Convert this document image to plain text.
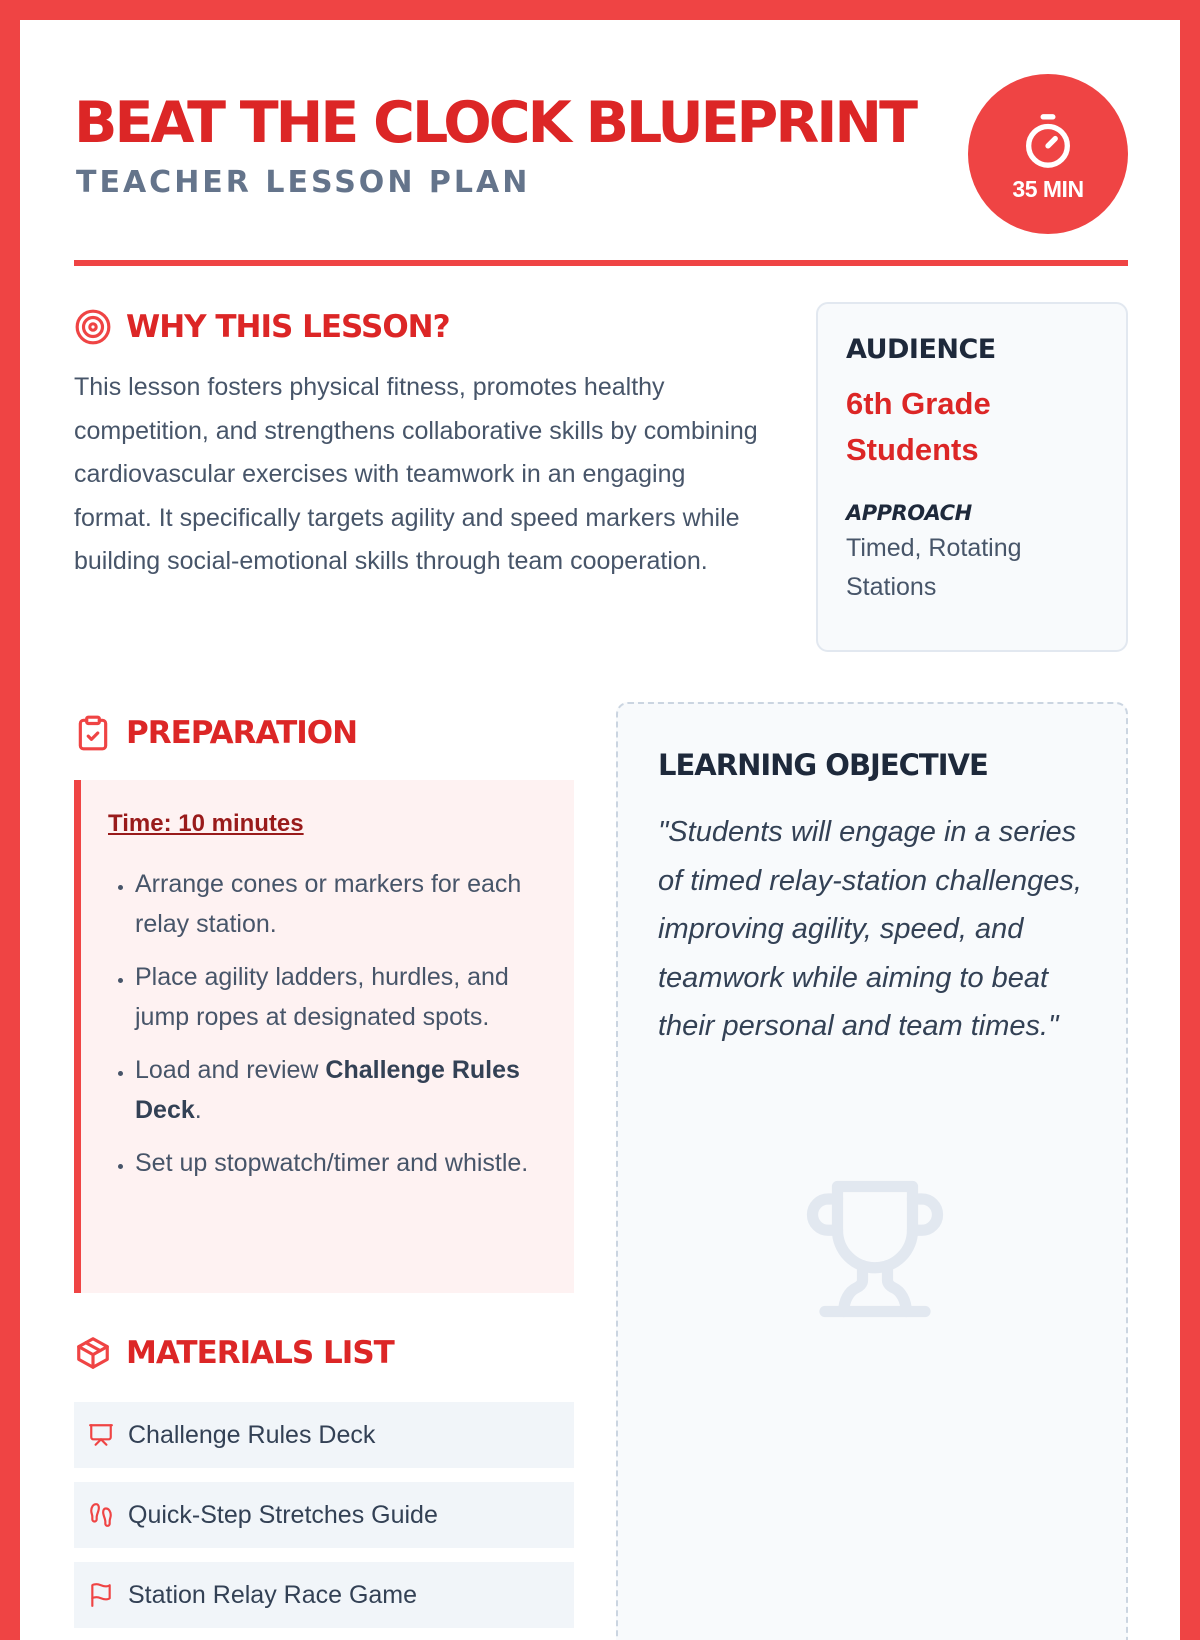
BEAT THE CLOCK BLUEPRINT
TEACHER LESSON PLAN	35 MIN
WHY THIS LESSON?

This lesson fosters physical fitness, promotes healthy competition, and strengthens collaborative skills by combining cardiovascular exercises with teamwork in an engaging format. It specifically targets agility and speed markers while building social-emotional skills through team cooperation.

AUDIENCE
6th Grade Students
APPROACH
Timed, Rotating Stations
PREPARATION
Time: 10 minutes
• Arrange cones or markers for each relay station.
• Place agility ladders, hurdles, and jump ropes at designated spots.
• Load and review Challenge Rules Deck.
• Set up stopwatch/timer and whistle.
MATERIALS LIST
Challenge Rules Deck
Quick-Step Stretches Guide
Station Relay Race Game
LEARNING OBJECTIVE

"Students will engage in a series of timed relay-station challenges, improving agility, speed, and teamwork while aiming to beat their personal and team times."
